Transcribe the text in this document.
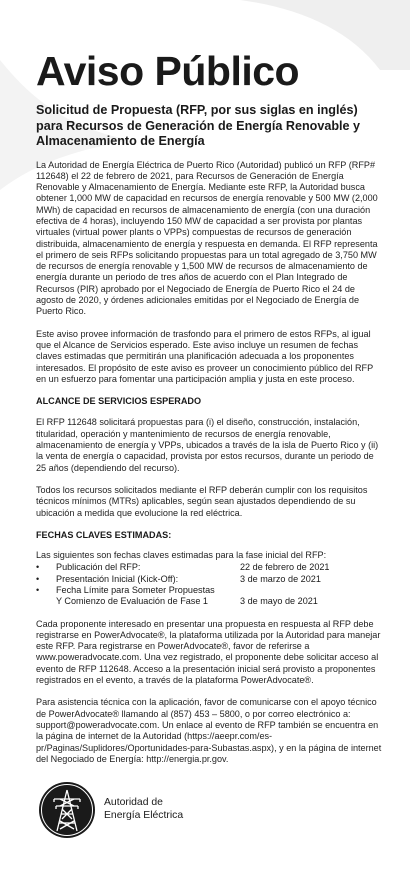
Aviso Público
Solicitud de Propuesta (RFP, por sus siglas en inglés) para Recursos de Generación de Energía Renovable y Almacenamiento de Energía

La Autoridad de Energía Eléctrica de Puerto Rico (Autoridad) publicó un RFP (RFP# 112648) el 22 de febrero de 2021, para Recursos de Generación de Energía Renovable y Almacenamiento de Energía. Mediante este RFP, la Autoridad busca obtener 1,000 MW de capacidad en recursos de energía renovable y 500 MW (2,000 MWh) de capacidad en recursos de almacenamiento de energía (con una duración efectiva de 4 horas), incluyendo 150 MW de capacidad a ser provista por plantas virtuales (virtual power plants o VPPs) compuestas de recursos de generación distribuida, almacenamiento de energía y respuesta en demanda. El RFP representa el primero de seis RFPs solicitando propuestas para un total agregado de 3,750 MW de recursos de energía renovable y 1,500 MW de recursos de almacenamiento de energía durante un periodo de tres años de acuerdo con el Plan Integrado de Recursos (PIR) aprobado por el Negociado de Energía de Puerto Rico el 24 de agosto de 2020, y órdenes adicionales emitidas por el Negociado de Energía de Puerto Rico.

Este aviso provee información de trasfondo para el primero de estos RFPs, al igual que el Alcance de Servicios esperado. Este aviso incluye un resumen de fechas claves estimadas que permitirán una planificación adecuada a los proponentes interesados. El propósito de este aviso es proveer un conocimiento público del RFP en un esfuerzo para fomentar una participación amplia y justa en este proceso.

ALCANCE DE SERVICIOS ESPERADO

El RFP 112648 solicitará propuestas para (i) el diseño, construcción, instalación, titularidad, operación y mantenimiento de recursos de energía renovable, almacenamiento de energía y VPPs, ubicados a través de la isla de Puerto Rico y (ii) la venta de energía o capacidad, provista por estos recursos, durante un periodo de 25 años (dependiendo del recurso).

Todos los recursos solicitados mediante el RFP deberán cumplir con los requisitos técnicos mínimos (MTRs) aplicables, según sean ajustados dependiendo de su ubicación a medida que evolucione la red eléctrica.

FECHAS CLAVES ESTIMADAS:

Las siguientes son fechas claves estimadas para la fase inicial del RFP:

•	Publicación del RFP:	22 de febrero de 2021
•	Presentación Inicial (Kick-Off):	3 de marzo de 2021
•	Fecha Límite para Someter Propuestas
Y Comienzo de Evaluación de Fase 1	3 de mayo de 2021

Cada proponente interesado en presentar una propuesta en respuesta al RFP debe registrarse en PowerAdvocate®, la plataforma utilizada por la Autoridad para manejar este RFP. Para registrarse en PowerAdvocate®, favor de referirse a www.poweradvocate.com. Una vez registrado, el proponente debe solicitar acceso al evento de RFP 112648. Acceso a la presentación inicial será provisto a proponentes registrados en el evento, a través de la plataforma PowerAdvocate®.

Para asistencia técnica con la aplicación, favor de comunicarse con el apoyo técnico de PowerAdvocate® llamando al (857) 453 – 5800, o por correo electrónico a: support@poweradvocate.com. Un enlace al evento de RFP también se encuentra en la página de internet de la Autoridad (https://aeepr.com/es-pr/Paginas/Suplidores/Oportunidades-para-Subastas.aspx), y en la página de internet del Negociado de Energía: http://energia.pr.gov.

Autoridad de
Energía Eléctrica
